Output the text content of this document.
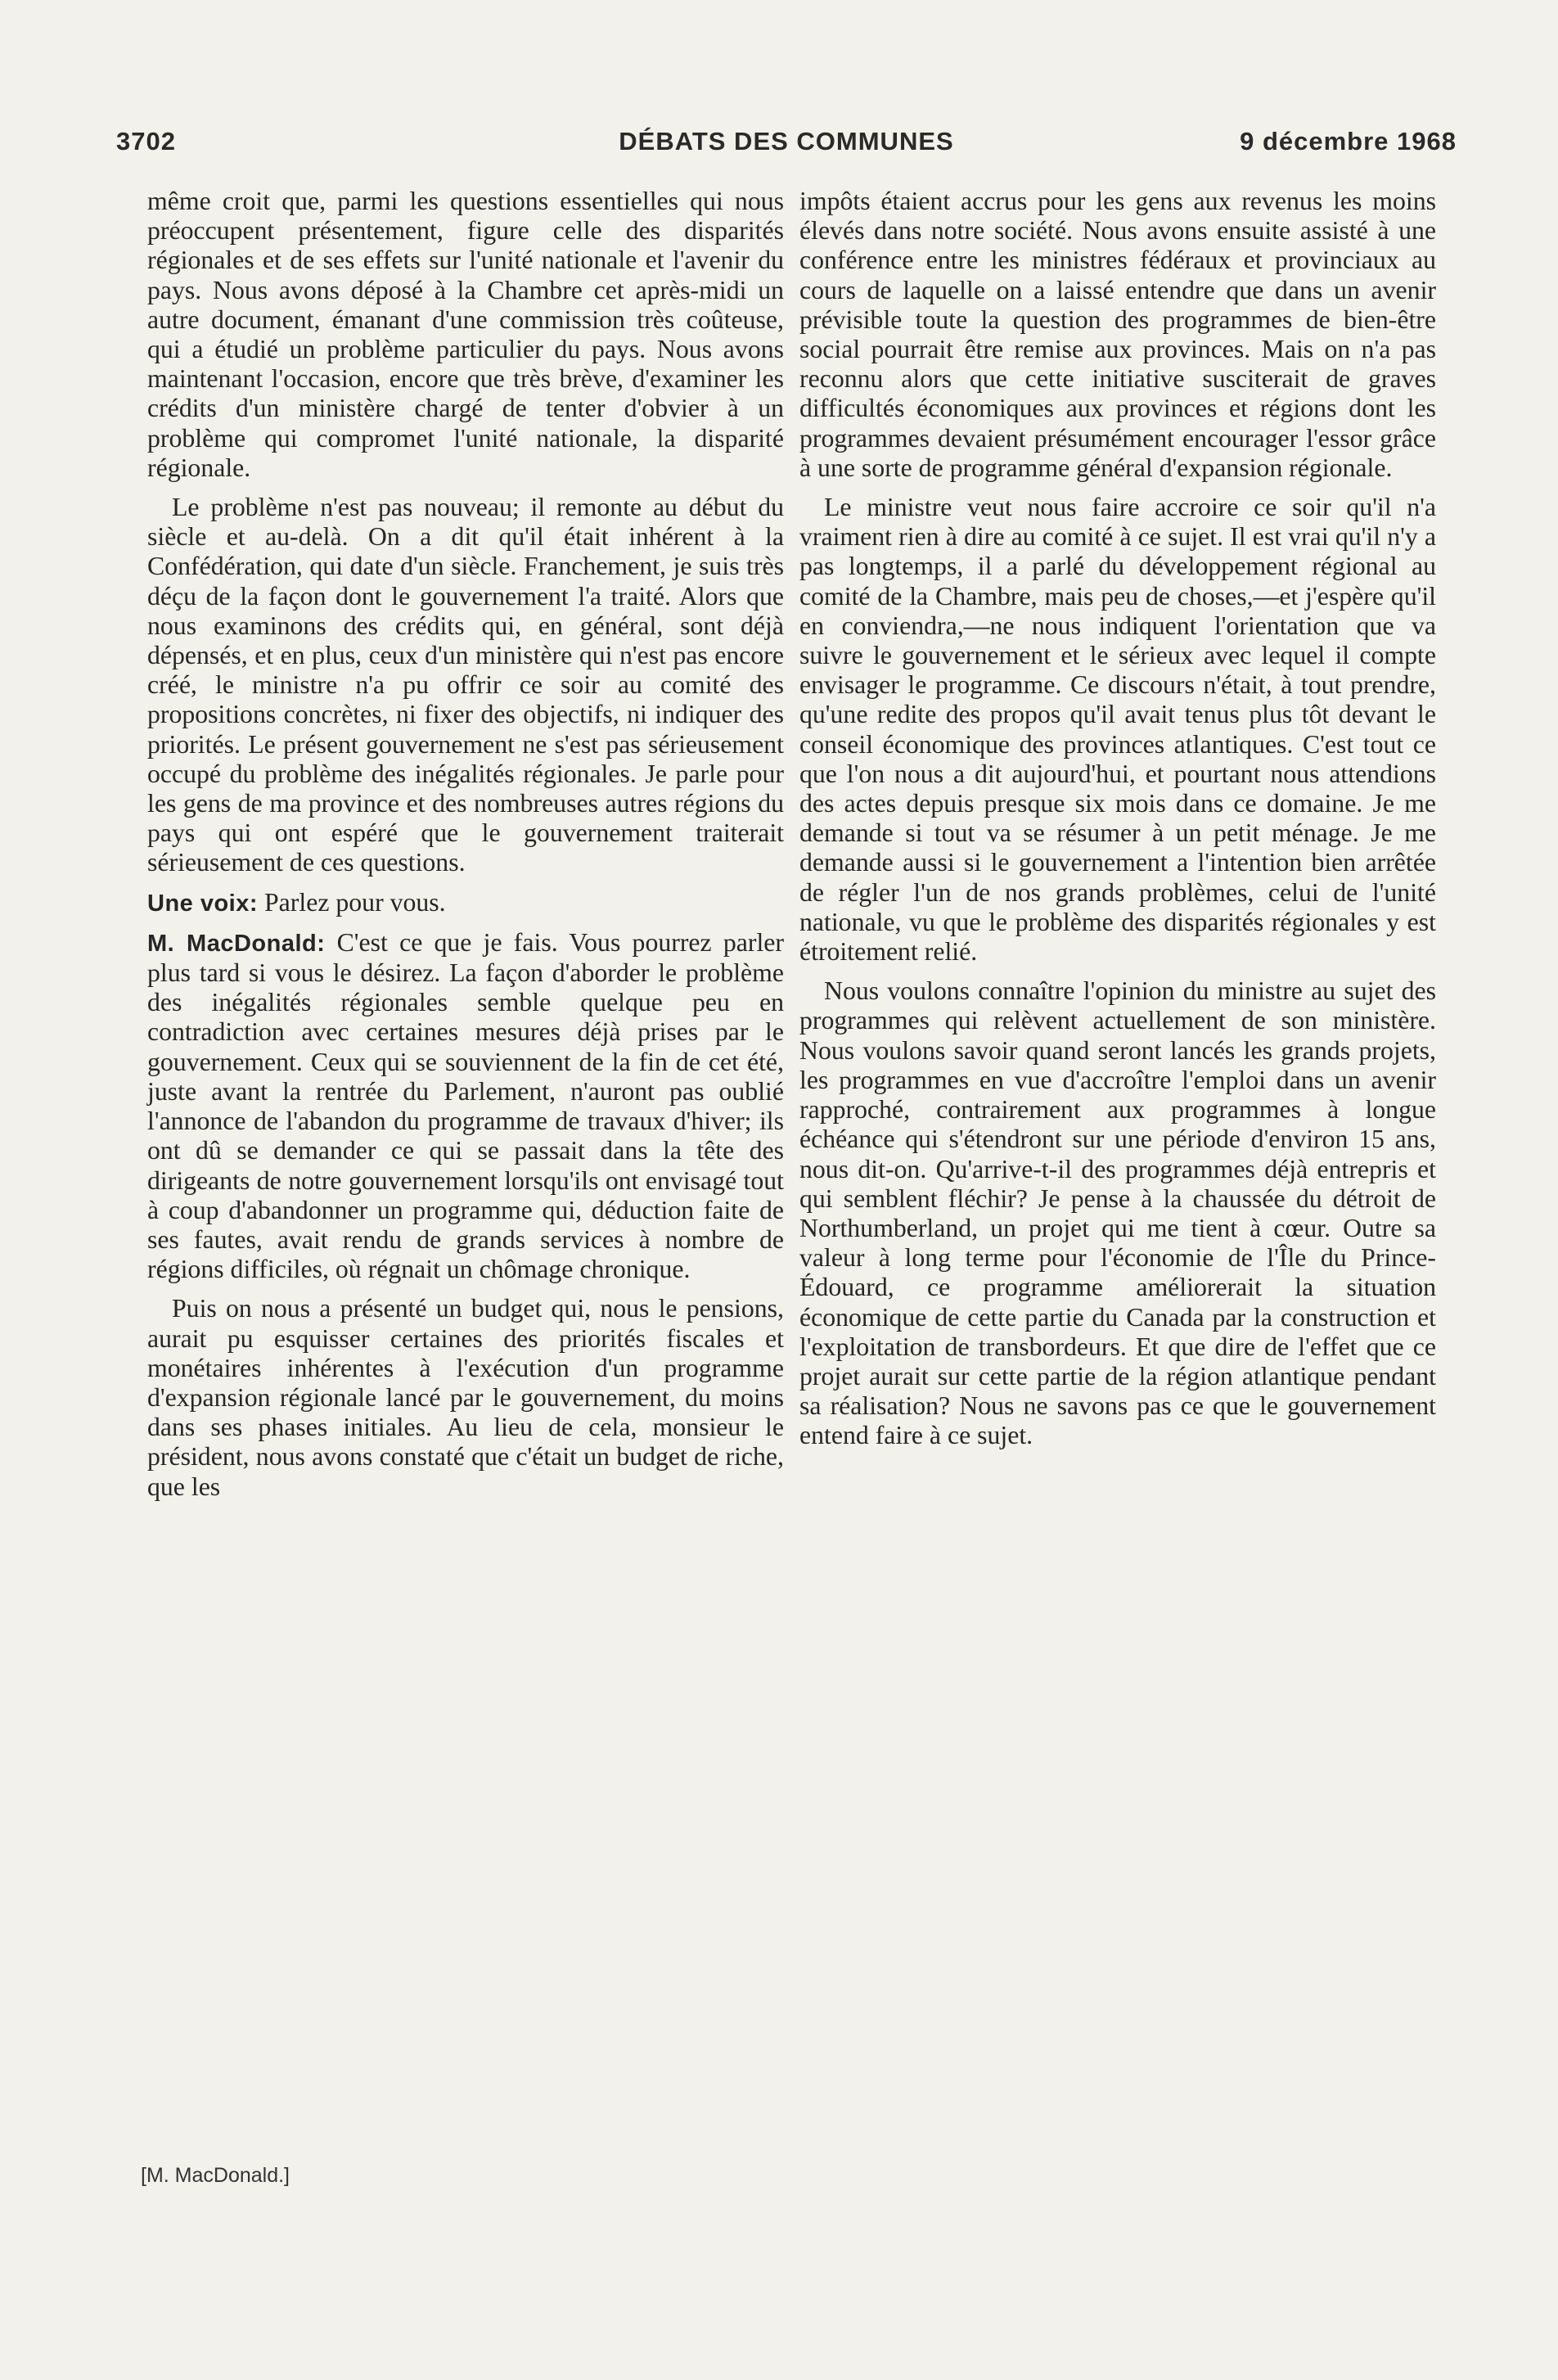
3702	DÉBATS DES COMMUNES	9 décembre 1968

même croit que, parmi les questions essentielles qui nous préoccupent présentement, figure celle des disparités régionales et de ses effets sur l'unité nationale et l'avenir du pays. Nous avons déposé à la Chambre cet après-midi un autre document, émanant d'une commission très coûteuse, qui a étudié un problème particulier du pays. Nous avons maintenant l'occasion, encore que très brève, d'examiner les crédits d'un ministère chargé de tenter d'obvier à un problème qui compromet l'unité nationale, la disparité régionale.

Le problème n'est pas nouveau; il remonte au début du siècle et au-delà. On a dit qu'il était inhérent à la Confédération, qui date d'un siècle. Franchement, je suis très déçu de la façon dont le gouvernement l'a traité. Alors que nous examinons des crédits qui, en général, sont déjà dépensés, et en plus, ceux d'un ministère qui n'est pas encore créé, le ministre n'a pu offrir ce soir au comité des propositions concrètes, ni fixer des objectifs, ni indiquer des priorités. Le présent gouvernement ne s'est pas sérieusement occupé du problème des inégalités régionales. Je parle pour les gens de ma province et des nombreuses autres régions du pays qui ont espéré que le gouvernement traiterait sérieusement de ces questions.

Une voix: Parlez pour vous.

M. MacDonald: C'est ce que je fais. Vous pourrez parler plus tard si vous le désirez. La façon d'aborder le problème des inégalités régionales semble quelque peu en contradiction avec certaines mesures déjà prises par le gouvernement. Ceux qui se souviennent de la fin de cet été, juste avant la rentrée du Parlement, n'auront pas oublié l'annonce de l'abandon du programme de travaux d'hiver; ils ont dû se demander ce qui se passait dans la tête des dirigeants de notre gouvernement lorsqu'ils ont envisagé tout à coup d'abandonner un programme qui, déduction faite de ses fautes, avait rendu de grands services à nombre de régions difficiles, où régnait un chômage chronique.

Puis on nous a présenté un budget qui, nous le pensions, aurait pu esquisser certaines des priorités fiscales et monétaires inhérentes à l'exécution d'un programme d'expansion régionale lancé par le gouvernement, du moins dans ses phases initiales. Au lieu de cela, monsieur le président, nous avons constaté que c'était un budget de riche, que les

impôts étaient accrus pour les gens aux revenus les moins élevés dans notre société. Nous avons ensuite assisté à une conférence entre les ministres fédéraux et provinciaux au cours de laquelle on a laissé entendre que dans un avenir prévisible toute la question des programmes de bien-être social pourrait être remise aux provinces. Mais on n'a pas reconnu alors que cette initiative susciterait de graves difficultés économiques aux provinces et régions dont les programmes devaient présumément encourager l'essor grâce à une sorte de programme général d'expansion régionale.

Le ministre veut nous faire accroire ce soir qu'il n'a vraiment rien à dire au comité à ce sujet. Il est vrai qu'il n'y a pas longtemps, il a parlé du développement régional au comité de la Chambre, mais peu de choses,—et j'espère qu'il en conviendra,—ne nous indiquent l'orientation que va suivre le gouvernement et le sérieux avec lequel il compte envisager le programme. Ce discours n'était, à tout prendre, qu'une redite des propos qu'il avait tenus plus tôt devant le conseil économique des provinces atlantiques. C'est tout ce que l'on nous a dit aujourd'hui, et pourtant nous attendions des actes depuis presque six mois dans ce domaine. Je me demande si tout va se résumer à un petit ménage. Je me demande aussi si le gouvernement a l'intention bien arrêtée de régler l'un de nos grands problèmes, celui de l'unité nationale, vu que le problème des disparités régionales y est étroitement relié.

Nous voulons connaître l'opinion du ministre au sujet des programmes qui relèvent actuellement de son ministère. Nous voulons savoir quand seront lancés les grands projets, les programmes en vue d'accroître l'emploi dans un avenir rapproché, contrairement aux programmes à longue échéance qui s'étendront sur une période d'environ 15 ans, nous dit-on. Qu'arrive-t-il des programmes déjà entrepris et qui semblent fléchir? Je pense à la chaussée du détroit de Northumberland, un projet qui me tient à cœur. Outre sa valeur à long terme pour l'économie de l'Île du Prince-Édouard, ce programme améliorerait la situation économique de cette partie du Canada par la construction et l'exploitation de transbordeurs. Et que dire de l'effet que ce projet aurait sur cette partie de la région atlantique pendant sa réalisation? Nous ne savons pas ce que le gouvernement entend faire à ce sujet.

[M. MacDonald.]
